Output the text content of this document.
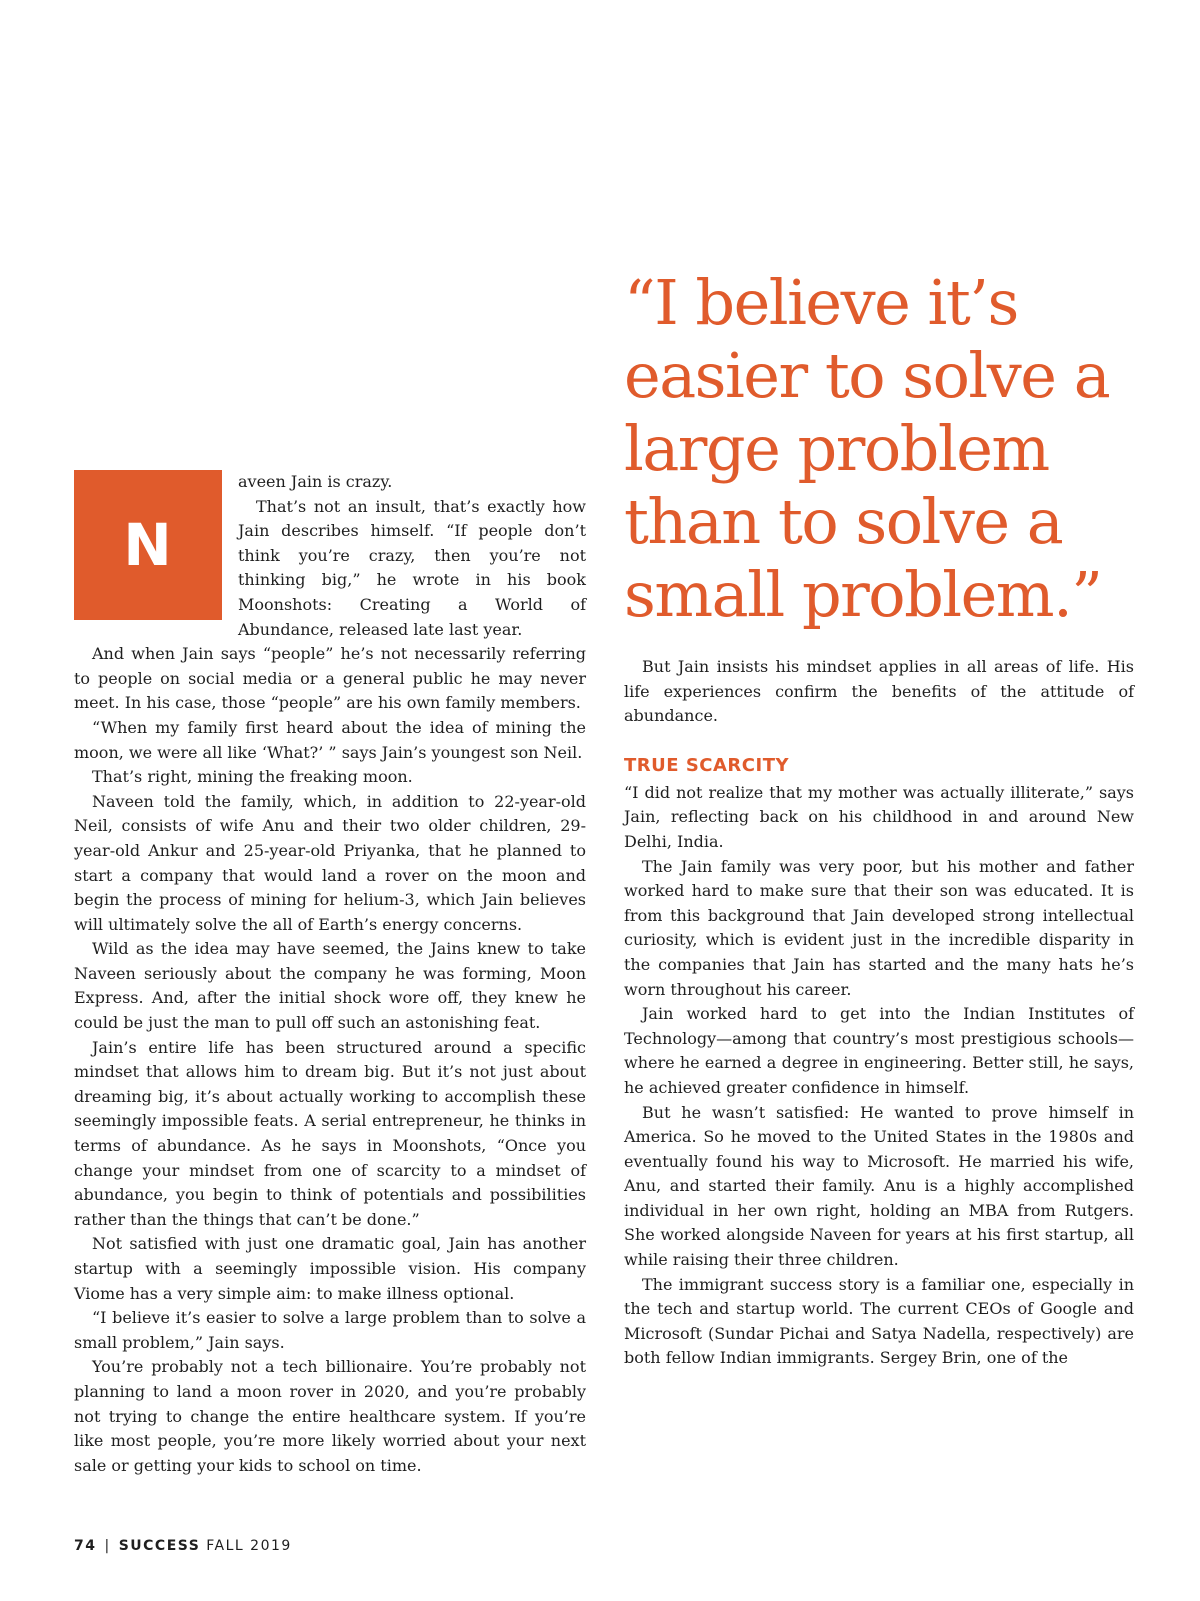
N

aveen Jain is crazy.

That’s not an insult, that’s exactly how Jain describes himself. “If people don’t think you’re crazy, then you’re not thinking big,” he wrote in his book Moonshots: Creating a World of Abundance, released late last year.

And when Jain says “people” he’s not necessarily referring to people on social media or a general public he may never meet. In his case, those “people” are his own family members.

“When my family first heard about the idea of mining the moon, we were all like ‘What?’ ” says Jain’s youngest son Neil.

That’s right, mining the freaking moon.

Naveen told the family, which, in addition to 22-year-old Neil, consists of wife Anu and their two older children, 29-year-old Ankur and 25-year-old Priyanka, that he planned to start a company that would land a rover on the moon and begin the process of mining for helium-3, which Jain believes will ultimately solve the all of Earth’s energy concerns.

Wild as the idea may have seemed, the Jains knew to take Naveen seriously about the company he was forming, Moon Express. And, after the initial shock wore off, they knew he could be just the man to pull off such an astonishing feat.

Jain’s entire life has been structured around a specific mindset that allows him to dream big. But it’s not just about dreaming big, it’s about actually working to accomplish these seemingly impossible feats. A serial entrepreneur, he thinks in terms of abundance. As he says in Moonshots, “Once you change your mindset from one of scarcity to a mindset of abundance, you begin to think of potentials and possibilities rather than the things that can’t be done.”

Not satisfied with just one dramatic goal, Jain has another startup with a seemingly impossible vision. His company Viome has a very simple aim: to make illness optional.

“I believe it’s easier to solve a large problem than to solve a small problem,” Jain says.

You’re probably not a tech billionaire. You’re probably not planning to land a moon rover in 2020, and you’re probably not trying to change the entire healthcare system. If you’re like most people, you’re more likely worried about your next sale or getting your kids to school on time.

“I believe it’s easier to solve a large problem than to solve a small problem.”

But Jain insists his mindset applies in all areas of life. His life experiences confirm the benefits of the attitude of abundance.

TRUE SCARCITY

“I did not realize that my mother was actually illiterate,” says Jain, reflecting back on his childhood in and around New Delhi, India.

The Jain family was very poor, but his mother and father worked hard to make sure that their son was educated. It is from this background that Jain developed strong intellectual curiosity, which is evident just in the incredible disparity in the companies that Jain has started and the many hats he’s worn throughout his career.

Jain worked hard to get into the Indian Institutes of Technology—among that country’s most prestigious schools—where he earned a degree in engineering. Better still, he says, he achieved greater confidence in himself.

But he wasn’t satisfied: He wanted to prove himself in America. So he moved to the United States in the 1980s and eventually found his way to Microsoft. He married his wife, Anu, and started their family. Anu is a highly accomplished individual in her own right, holding an MBA from Rutgers. She worked alongside Naveen for years at his first startup, all while raising their three children.

The immigrant success story is a familiar one, especially in the tech and startup world. The current CEOs of Google and Microsoft (Sundar Pichai and Satya Nadella, respectively) are both fellow Indian immigrants. Sergey Brin, one of the

74 | SUCCESS FALL 2019
